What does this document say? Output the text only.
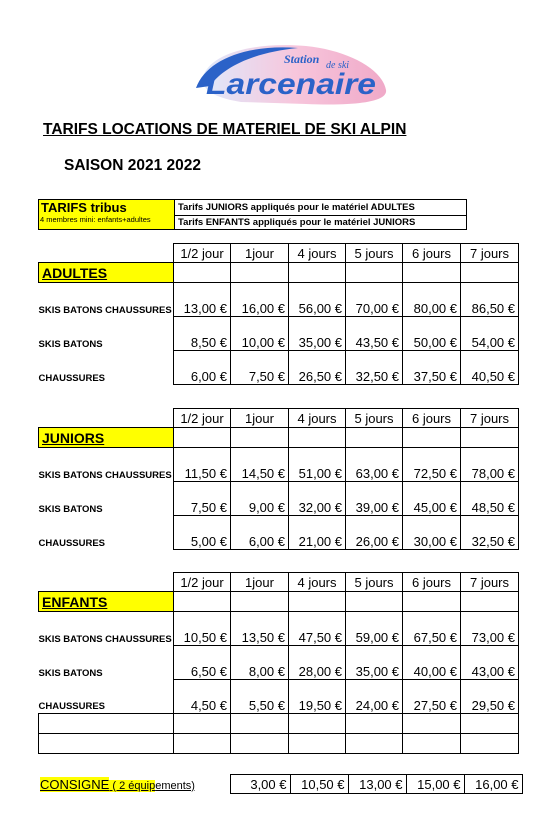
Station de ski
Larcenaire
TARIFS LOCATIONS DE MATERIEL DE SKI ALPIN
SAISON 2021 2022
TARIFS tribus
4 membres mini: enfants+adultes
	Tarifs JUNIORS appliqués pour le matériel ADULTES
Tarifs ENFANTS appliqués pour le matériel JUNIORS
	1/2 jour	1jour	4 jours	5 jours	6 jours	7 jours
ADULTES						
SKIS BATONS CHAUSSURES	13,00 €	16,00 €	56,00 €	70,00 €	80,00 €	86,50 €
SKIS BATONS	8,50 €	10,00 €	35,00 €	43,50 €	50,00 €	54,00 €
CHAUSSURES	6,00 €	7,50 €	26,50 €	32,50 €	37,50 €	40,50 €
	1/2 jour	1jour	4 jours	5 jours	6 jours	7 jours
JUNIORS						
SKIS BATONS CHAUSSURES	11,50 €	14,50 €	51,00 €	63,00 €	72,50 €	78,00 €
SKIS BATONS	7,50 €	9,00 €	32,00 €	39,00 €	45,00 €	48,50 €
CHAUSSURES	5,00 €	6,00 €	21,00 €	26,00 €	30,00 €	32,50 €
	1/2 jour	1jour	4 jours	5 jours	6 jours	7 jours
ENFANTS						
SKIS BATONS CHAUSSURES	10,50 €	13,50 €	47,50 €	59,00 €	67,50 €	73,00 €
SKIS BATONS	6,50 €	8,00 €	28,00 €	35,00 €	40,00 €	43,00 €
CHAUSSURES	4,50 €	5,50 €	19,50 €	24,00 €	27,50 €	29,50 €

CONSIGNE ( 2 équipements)	3,00 €	10,50 €	13,00 €	15,00 €	16,00 €
